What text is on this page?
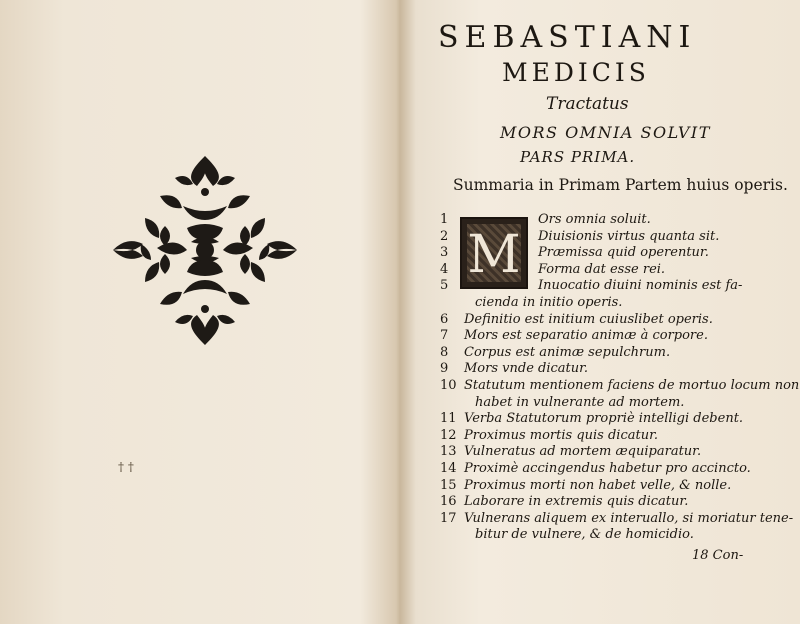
† †
SEBASTIANI
MEDICIS
Tractatus
MORS OMNIA SOLVIT
PARS PRIMA.
Summaria in Primam Partem huius operis.
M
1	Ors omnia soluit.
2	Diuisionis virtus quanta sit.
3	Præmissa quid operentur.
4	Forma dat esse rei.
5	Inuocatio diuini nominis est fa-
cienda in initio operis.
6	Definitio est initium cuiuslibet operis.
7	Mors est separatio animæ à corpore.
8	Corpus est animæ sepulchrum.
9	Mors vnde dicatur.
10 Statutum mentionem faciens de mortuo locum non
habet in vulnerante ad mortem.
11 Verba Statutorum propriè intelligi debent.
12 Proximus mortis quis dicatur.
13 Vulneratus ad mortem æquiparatur.
14 Proximè accingendus habetur pro accincto.
15 Proximus morti non habet velle, & nolle.
16 Laborare in extremis quis dicatur.
17 Vulnerans aliquem ex interuallo, si moriatur tene-
bitur de vulnere, & de homicidio.
18 Con-
